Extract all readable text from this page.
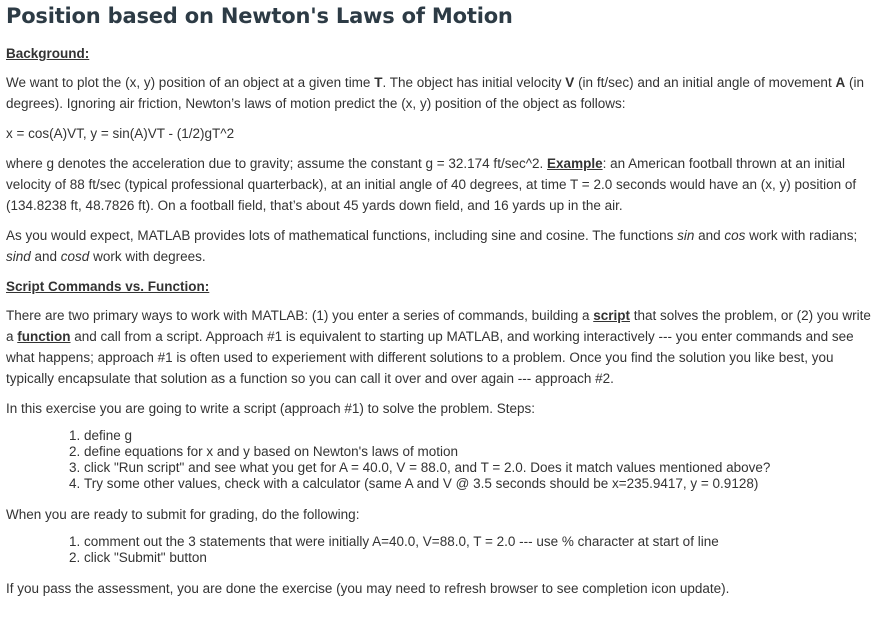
Position based on Newton's Laws of Motion
Background:

We want to plot the (x, y) position of an object at a given time T. The object has initial velocity V (in ft/sec) and an initial angle of movement A (in degrees). Ignoring air friction, Newton’s laws of motion predict the (x, y) position of the object as follows:

x = cos(A)VT, y = sin(A)VT - (1/2)gT^2

where g denotes the acceleration due to gravity; assume the constant g = 32.174 ft/sec^2. Example: an American football thrown at an initial velocity of 88 ft/sec (typical professional quarterback), at an initial angle of 40 degrees, at time T = 2.0 seconds would have an (x, y) position of (134.8238 ft, 48.7826 ft). On a football field, that’s about 45 yards down field, and 16 yards up in the air.

As you would expect, MATLAB provides lots of mathematical functions, including sine and cosine. The functions sin and cos work with radians; sind and cosd work with degrees.

Script Commands vs. Function:

There are two primary ways to work with MATLAB: (1) you enter a series of commands, building a script that solves the problem, or (2) you write a function and call from a script. Approach #1 is equivalent to starting up MATLAB, and working interactively --- you enter commands and see what happens; approach #1 is often used to experiement with different solutions to a problem. Once you find the solution you like best, you typically encapsulate that solution as a function so you can call it over and over again --- approach #2.

In this exercise you are going to write a script (approach #1) to solve the problem. Steps:

1. define g
2. define equations for x and y based on Newton's laws of motion
3. click "Run script" and see what you get for A = 40.0, V = 88.0, and T = 2.0. Does it match values mentioned above?
4. Try some other values, check with a calculator (same A and V @ 3.5 seconds should be x=235.9417, y = 0.9128)

When you are ready to submit for grading, do the following:

1. comment out the 3 statements that were initially A=40.0, V=88.0, T = 2.0 --- use % character at start of line
2. click "Submit" button

If you pass the assessment, you are done the exercise (you may need to refresh browser to see completion icon update).
